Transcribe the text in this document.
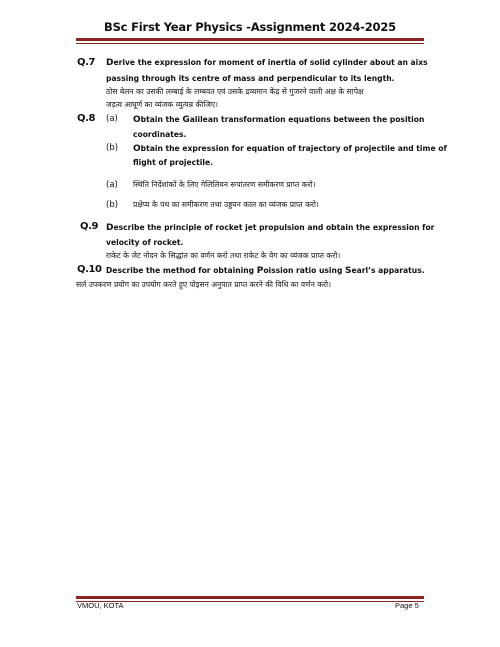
BSc First Year Physics -Assignment 2024-2025
Q.7 Derive the expression for moment of inertia of solid cylinder about an aixs
passing through its centre of mass and perpendicular to its length.
ठोस बेलन का उसकी लम्बाई के लम्बवत एवं उसके द्रव्यमान केंद्र से गुजरने वाली अक्ष के सापेक्ष
जड़त्व आघूर्ण का व्यंजक व्युत्पन्न कीजिए।
Q.8 (a) Obtain the Galilean transformation equations between the position
coordinates.
(b) Obtain the expression for equation of trajectory of projectile and time of
flight of projectile.
(a) स्थिति निर्देशांकों के लिए गेलिलियन रूपांतरण समीकरण प्राप्त करो।
(b) प्रक्षेप्य के पथ का समीकरण तथा उड्डयन काल का व्यंजक प्राप्त करो।
Q.9 Describe the principle of rocket jet propulsion and obtain the expression for
velocity of rocket.
राकेट के जेट नोदन के सिद्धांत का वर्णन करो तथा राकेट के वेग का व्यंजक प्राप्त करो।
Q.10 Describe the method for obtaining Poission ratio using Searl’s apparatus.
सर्ल उपकरण प्रयोग का उपयोग करते हुए पोइसन अनुपात प्राप्त करने की विधि का वर्णन करो।
VMOU, KOTA	Page 5
